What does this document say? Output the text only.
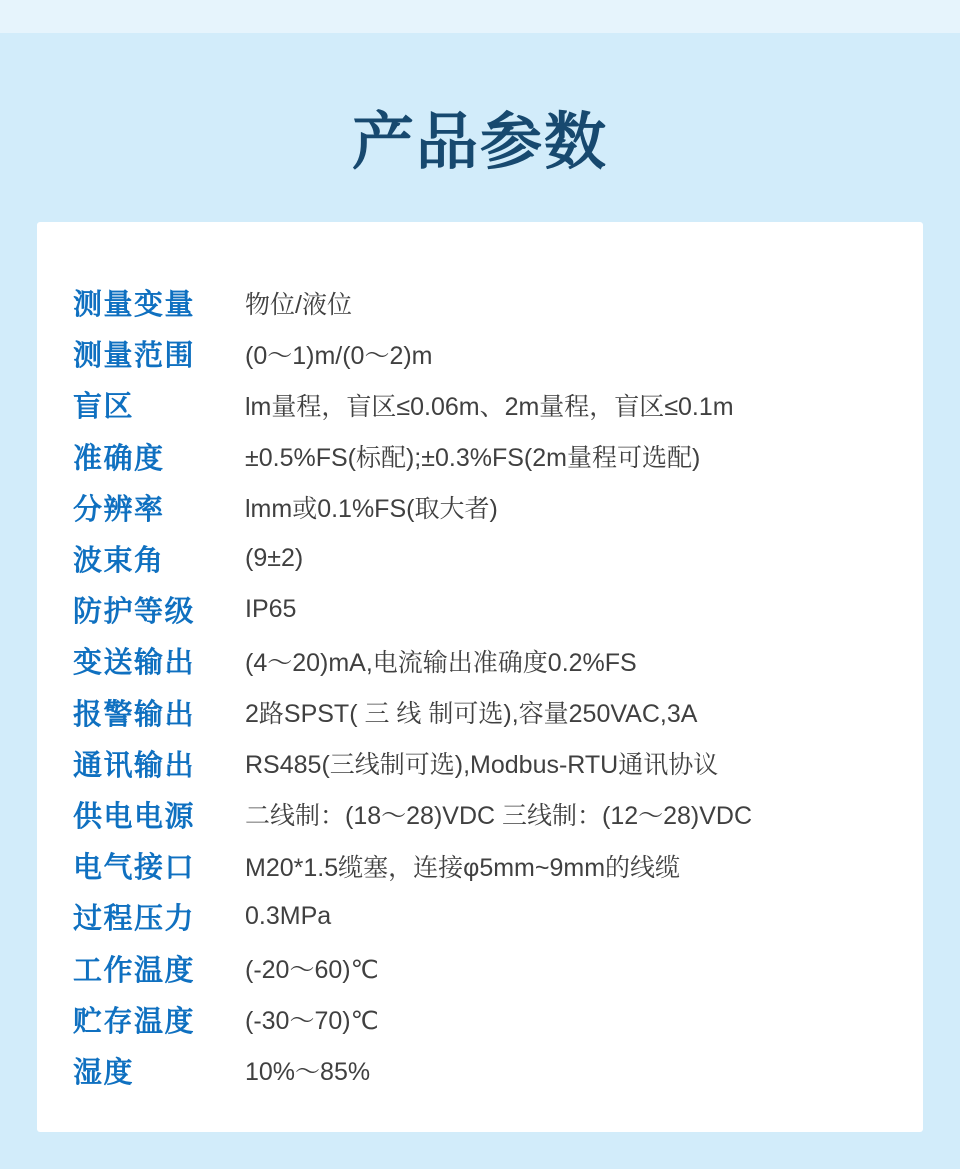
产品参数
测量变量	物位/液位
测量范围	(0～1)m/(0～2)m
盲区	lm量程，盲区≤0.06m、2m量程，盲区≤0.1m
准确度	±0.5%FS(标配);±0.3%FS(2m量程可选配)
分辨率	lmm或0.1%FS(取大者)
波束角	(9±2)
防护等级	IP65
变送输出	(4～20)mA,电流输出准确度0.2%FS
报警输出	2路SPST( 三 线 制可选),容量250VAC,3A
通讯输出	RS485(三线制可选),Modbus-RTU通讯协议
供电电源	二线制：(18～28)VDC 三线制：(12～28)VDC
电气接口	M20*1.5缆塞，连接φ5mm~9mm的线缆
过程压力	0.3MPa
工作温度	(-20～60)℃
贮存温度	(-30～70)℃
湿度	10%～85%
